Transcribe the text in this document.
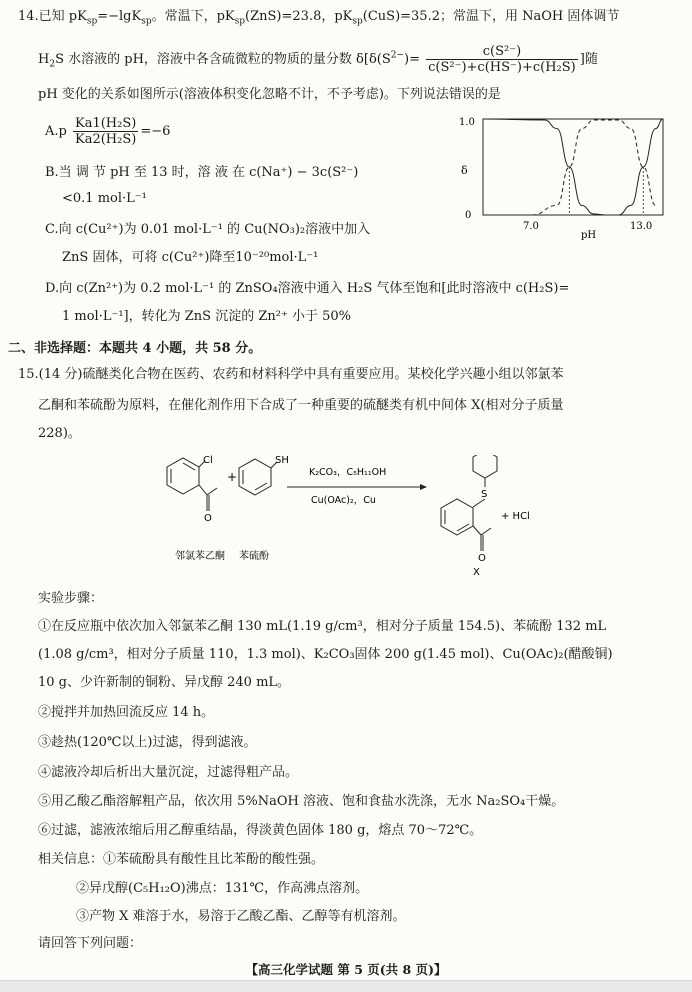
14.已知 $pK_{sp}=-\lg K_{sp}$。常温下，$pK_{sp}(ZnS)=23.8$，$pK_{sp}(CuS)=35.2$；常温下，用 NaOH 固体调节
$H_2S$ 水溶液的 pH，溶液中各含硫微粒的物质的量分数 $\delta[\delta(S^{2-})= \frac{\text{c(S²⁻)}}{\text{c(S²⁻)+c(HS⁻)+c(H₂S)}}$ ]随
pH 变化的关系如图所示(溶液体积变化忽略不计，不予考虑)。下列说法错误的是
$A.p \frac{\text{Ka1(H₂S)}}{\text{Ka2(H₂S)}} =-6$
B.当 调 节 pH 至 13 时，溶 液 在 c(Na⁺) − 3c(S²⁻)
<0.1 mol·L⁻¹
C.向 c(Cu²⁺)为 0.01 mol·L⁻¹ 的 Cu(NO₃)₂溶液中加入
ZnS 固体，可将 c(Cu²⁺)降至10⁻²⁰mol·L⁻¹
D.向 c(Zn²⁺)为 0.2 mol·L⁻¹ 的 ZnSO₄溶液中通入 H₂S 气体至饱和[此时溶液中 c(H₂S)=
1 mol·L⁻¹]，转化为 ZnS 沉淀的 Zn²⁺ 小于 50%
1.0
0
δ
7.0	13.0
pH
二、非选择题：本题共 4 小题，共 58 分。
15.(14 分)硫醚类化合物在医药、农药和材料科学中具有重要应用。某校化学兴趣小组以邻氯苯
乙酮和苯硫酚为原料，在催化剂作用下合成了一种重要的硫醚类有机中间体 X(相对分子质量
228)。
Cl
O
+
SH
K₂CO₃，C₅H₁₁OH
Cu(OAc)₂，Cu
S
O
+ HCl
邻氯苯乙酮 苯硫酚
X
实验步骤：
①在反应瓶中依次加入邻氯苯乙酮 130 mL(1.19 g/cm³，相对分子质量 154.5)、苯硫酚 132 mL
(1.08 g/cm³，相对分子质量 110，1.3 mol)、K₂CO₃固体 200 g(1.45 mol)、Cu(OAc)₂(醋酸铜)
10 g、少许新制的铜粉、异戊醇 240 mL。
②搅拌并加热回流反应 14 h。
③趁热(120℃以上)过滤，得到滤液。
④滤液冷却后析出大量沉淀，过滤得粗产品。
⑤用乙酸乙酯溶解粗产品，依次用 5%NaOH 溶液、饱和食盐水洗涤，无水 Na₂SO₄干燥。
⑥过滤，滤液浓缩后用乙醇重结晶，得淡黄色固体 180 g，熔点 70～72℃。
相关信息：①苯硫酚具有酸性且比苯酚的酸性强。
②异戊醇(C₅H₁₂O)沸点：131℃，作高沸点溶剂。
③产物 X 难溶于水，易溶于乙酸乙酯、乙醇等有机溶剂。
请回答下列问题：
【高三化学试题 第 5 页(共 8 页)】
